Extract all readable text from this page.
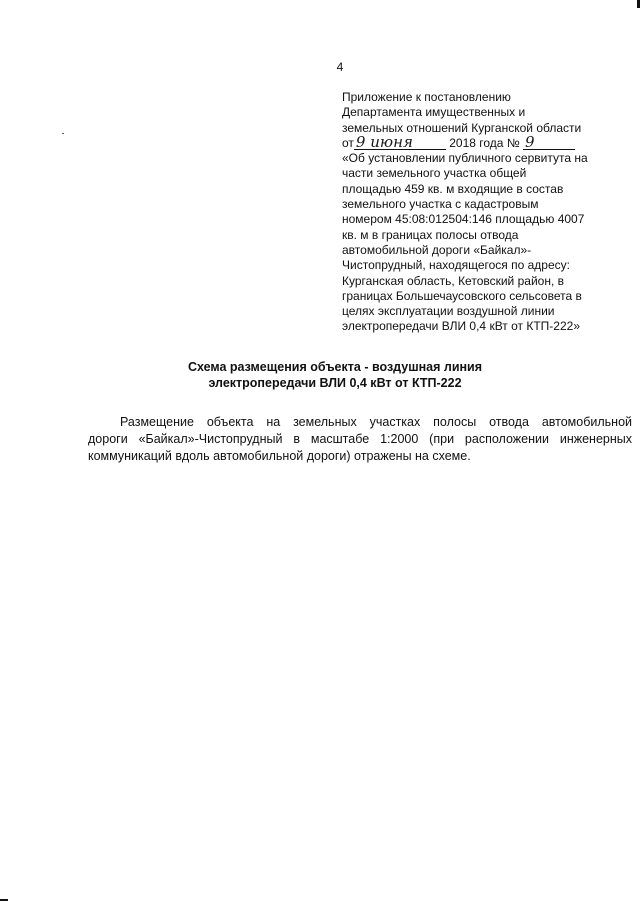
4
Приложение к постановлению
Департамента имущественных и
земельных отношений Курганской области
от 9 июня	2018 года № 9
«Об установлении публичного сервитута на
части земельного участка общей
площадью 459 кв. м входящие в состав
земельного участка с кадастровым
номером 45:08:012504:146 площадью 4007
кв. м в границах полосы отвода
автомобильной дороги «Байкал»-
Чистопрудный, находящегося по адресу:
Курганская область, Кетовский район, в
границах Большечаусовского сельсовета в
целях эксплуатации воздушной линии
электропередачи ВЛИ 0,4 кВт от КТП-222»
Схема размещения объекта - воздушная линия
электропередачи ВЛИ 0,4 кВт от КТП-222
Размещение объекта на земельных участках полосы отвода автомобильной
дороги «Байкал»-Чистопрудный в масштабе 1:2000 (при расположении инженерных
коммуникаций вдоль автомобильной дороги) отражены на схеме.
